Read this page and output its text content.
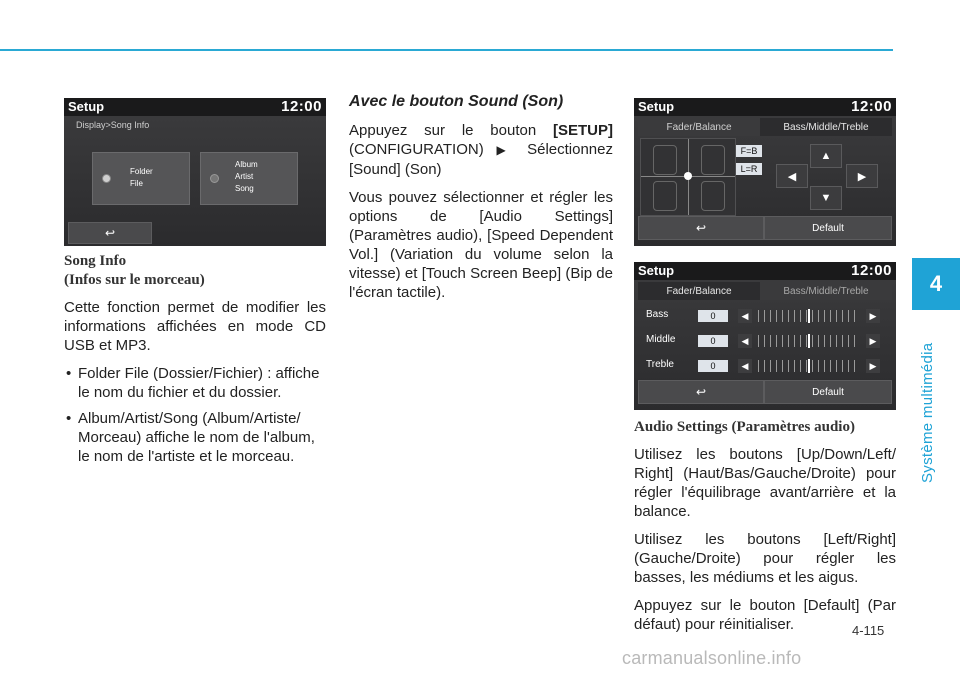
4
Système multimédia
Setup	12:00
Display>Song Info
Folder
File
Album
Artist
Song
↩
Song Info
(Infos sur le morceau)

Cette fonction permet de modifier les informations affichées en mode CD USB et MP3.

• Folder File (Dossier/Fichier) : affiche le nom du fichier et du dossier.
• Album/Artist/Song (Album/Artiste/ Morceau) affiche le nom de l'album, le nom de l'artiste et le morceau.
Avec le bouton Sound (Son)

Appuyez sur le bouton [SETUP] (CONFIGURATION) ▶ Sélectionnez [Sound] (Son)

Vous pouvez sélectionner et régler les options de [Audio Settings] (Paramètres audio), [Speed Dependent Vol.] (Variation du volume selon la vitesse) et [Touch Screen Beep] (Bip de l'écran tactile).

Setup	12:00
Fader/Balance	Bass/Middle/Treble
F=B
L=R
▲
◀	▶
▼
↩	Default
Setup	12:00
Fader/Balance	Bass/Middle/Treble
Bass	0	◀	▶
Middle	0	◀	▶
Treble	0	◀	▶
↩	Default
Audio Settings (Paramètres audio)

Utilisez les boutons [Up/Down/Left/ Right] (Haut/Bas/Gauche/Droite) pour régler l'équilibrage avant/arrière et la balance.

Utilisez les boutons [Left/Right] (Gauche/Droite) pour régler les basses, les médiums et les aigus.

Appuyez sur le bouton [Default] (Par défaut) pour réinitialiser.	4-115
carmanualsonline.info
